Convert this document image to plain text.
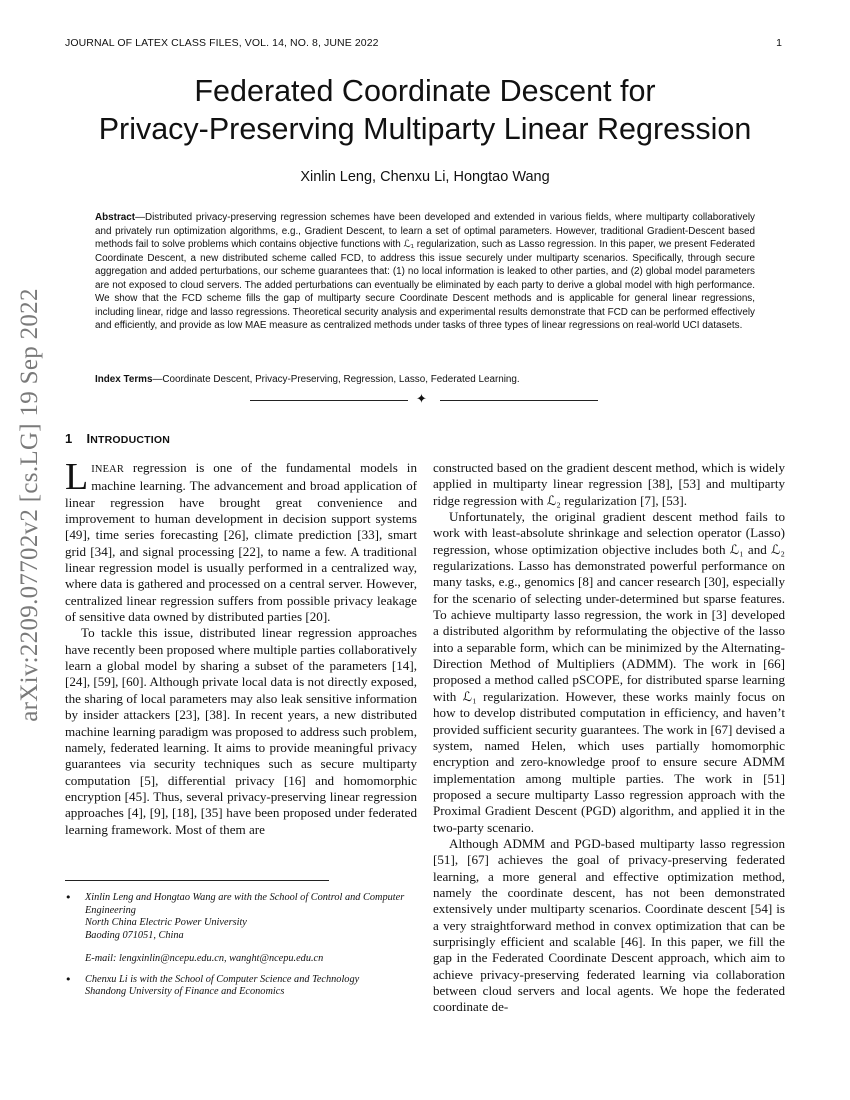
JOURNAL OF LATEX CLASS FILES, VOL. 14, NO. 8, JUNE 2022	1
arXiv:2209.07702v2 [cs.LG] 19 Sep 2022
Federated Coordinate Descent for
Privacy-Preserving Multiparty Linear Regression
Xinlin Leng, Chenxu Li, Hongtao Wang
Abstract—Distributed privacy-preserving regression schemes have been developed and extended in various fields, where multiparty collaboratively and privately run optimization algorithms, e.g., Gradient Descent, to learn a set of optimal parameters. However, traditional Gradient-Descent based methods fail to solve problems which contains objective functions with ℒ₁ regularization, such as Lasso regression. In this paper, we present Federated Coordinate Descent, a new distributed scheme called FCD, to address this issue securely under multiparty scenarios. Specifically, through secure aggregation and added perturbations, our scheme guarantees that: (1) no local information is leaked to other parties, and (2) global model parameters are not exposed to cloud servers. The added perturbations can eventually be eliminated by each party to derive a global model with high performance. We show that the FCD scheme fills the gap of multiparty secure Coordinate Descent methods and is applicable for general linear regressions, including linear, ridge and lasso regressions. Theoretical security analysis and experimental results demonstrate that FCD can be performed effectively and efficiently, and provide as low MAE measure as centralized methods under tasks of three types of linear regressions on real-world UCI datasets.
Index Terms—Coordinate Descent, Privacy-Preserving, Regression, Lasso, Federated Learning.
✦
1 INTRODUCTION

LINEAR regression is one of the fundamental models in machine learning. The advancement and broad application of linear regression have brought great convenience and improvement to human development in decision support systems [49], time series forecasting [26], climate prediction [33], smart grid [34], and signal processing [22], to name a few. A traditional linear regression model is usually performed in a centralized way, where data is gathered and processed on a central server. However, centralized linear regression suffers from possible privacy leakage of sensitive data owned by distributed parties [20].

To tackle this issue, distributed linear regression approaches have recently been proposed where multiple parties collaboratively learn a global model by sharing a subset of the parameters [14], [24], [59], [60]. Although private local data is not directly exposed, the sharing of local parameters may also leak sensitive information by insider attackers [23], [38]. In recent years, a new distributed machine learning paradigm was proposed to address such problem, namely, federated learning. It aims to provide meaningful privacy guarantees via security techniques such as secure multiparty computation [5], differential privacy [16] and homomorphic encryption [45]. Thus, several privacy-preserving linear regression approaches [4], [9], [18], [35] have been proposed under federated learning framework. Most of them are

constructed based on the gradient descent method, which is widely applied in multiparty linear regression [38], [53] and multiparty ridge regression with ℒ₂ regularization [7], [53].

Unfortunately, the original gradient descent method fails to work with least-absolute shrinkage and selection operator (Lasso) regression, whose optimization objective includes both ℒ₁ and ℒ₂ regularizations. Lasso has demonstrated powerful performance on many tasks, e.g., genomics [8] and cancer research [30], especially for the scenario of selecting under-determined but sparse features. To achieve multiparty lasso regression, the work in [3] developed a distributed algorithm by reformulating the objective of the lasso into a separable form, which can be minimized by the Alternating-Direction Method of Multipliers (ADMM). The work in [66] proposed a method called pSCOPE, for distributed sparse learning with ℒ₁ regularization. However, these works mainly focus on how to develop distributed computation in efficiency, and haven’t provided sufficient security guarantees. The work in [67] devised a system, named Helen, which uses partially homomorphic encryption and zero-knowledge proof to ensure secure ADMM implementation among multiple parties. The work in [51] proposed a secure multiparty Lasso regression approach with the Proximal Gradient Descent (PGD) algorithm, and applied it in the two-party scenario.

Although ADMM and PGD-based multiparty lasso regression [51], [67] achieves the goal of privacy-preserving federated learning, a more general and effective optimization method, namely the coordinate descent, has not been demonstrated extensively under multiparty scenarios. Coordinate descent [54] is a very straightforward method in convex optimization that can be surprisingly efficient and scalable [46]. In this paper, we fill the gap in the Federated Coordinate Descent approach, which aim to achieve privacy-preserving federated learning via collaboration between cloud servers and local agents. We hope the federated coordinate de-

• Xinlin Leng and Hongtao Wang are with the School of Control and Computer Engineering
North China Electric Power University
Baoding 071051, China
E-mail: lengxinlin@ncepu.edu.cn, wanght@ncepu.edu.cn
• Chenxu Li is with the School of Computer Science and Technology
Shandong University of Finance and Economics
